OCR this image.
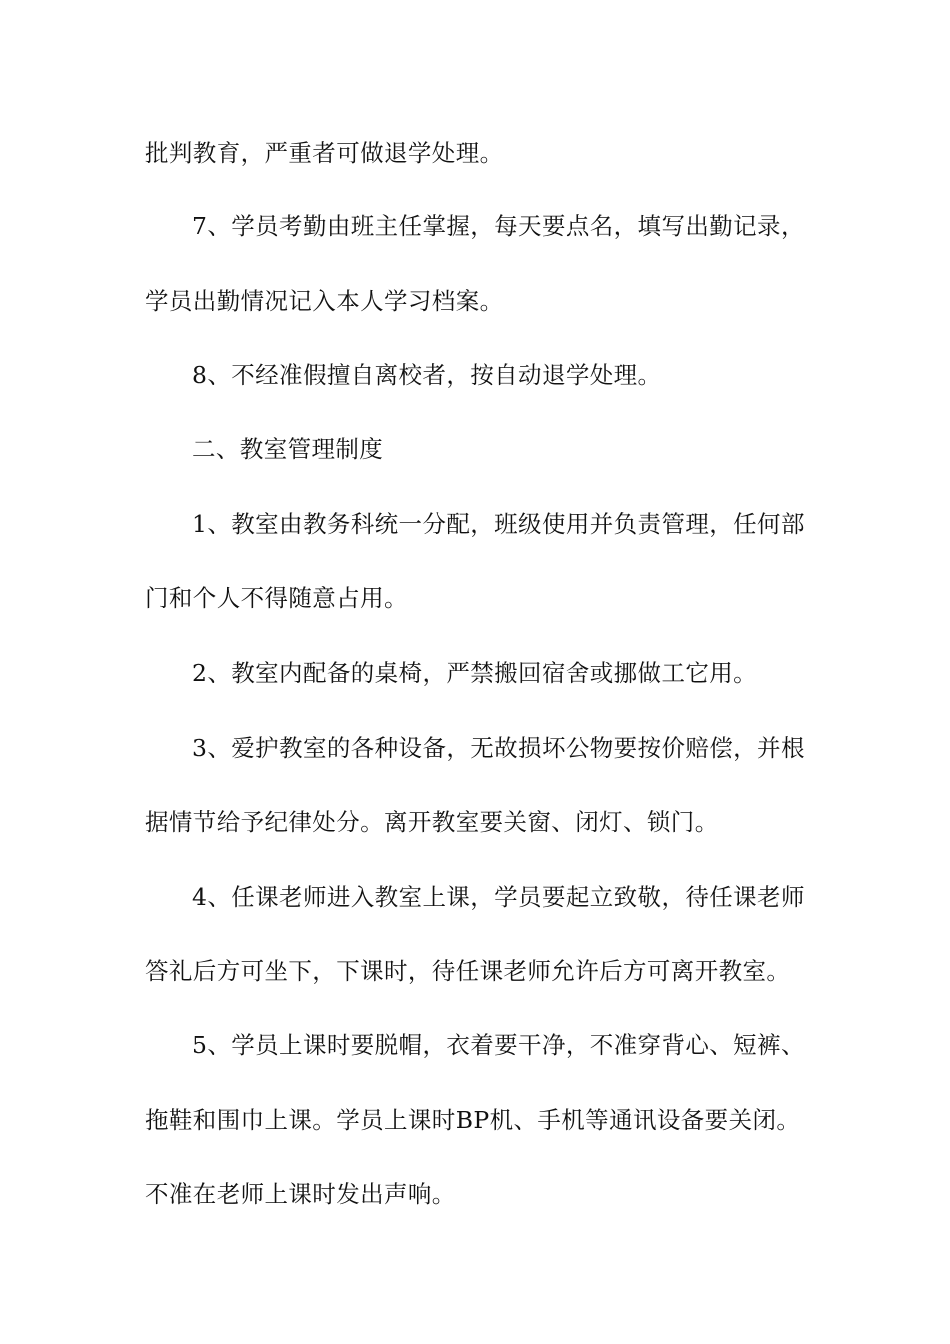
批判教育，严重者可做退学处理。
7、学员考勤由班主任掌握，每天要点名，填写出勤记录，
学员出勤情况记入本人学习档案。
8、不经准假擅自离校者，按自动退学处理。
二、教室管理制度
1、教室由教务科统一分配，班级使用并负责管理，任何部
门和个人不得随意占用。
2、教室内配备的桌椅，严禁搬回宿舍或挪做工它用。
3、爱护教室的各种设备，无故损坏公物要按价赔偿，并根
据情节给予纪律处分。离开教室要关窗、闭灯、锁门。
4、任课老师进入教室上课，学员要起立致敬，待任课老师
答礼后方可坐下，下课时，待任课老师允许后方可离开教室。
5、学员上课时要脱帽，衣着要干净，不准穿背心、短裤、
拖鞋和围巾上课。学员上课时BP机、手机等通讯设备要关闭。
不准在老师上课时发出声响。
